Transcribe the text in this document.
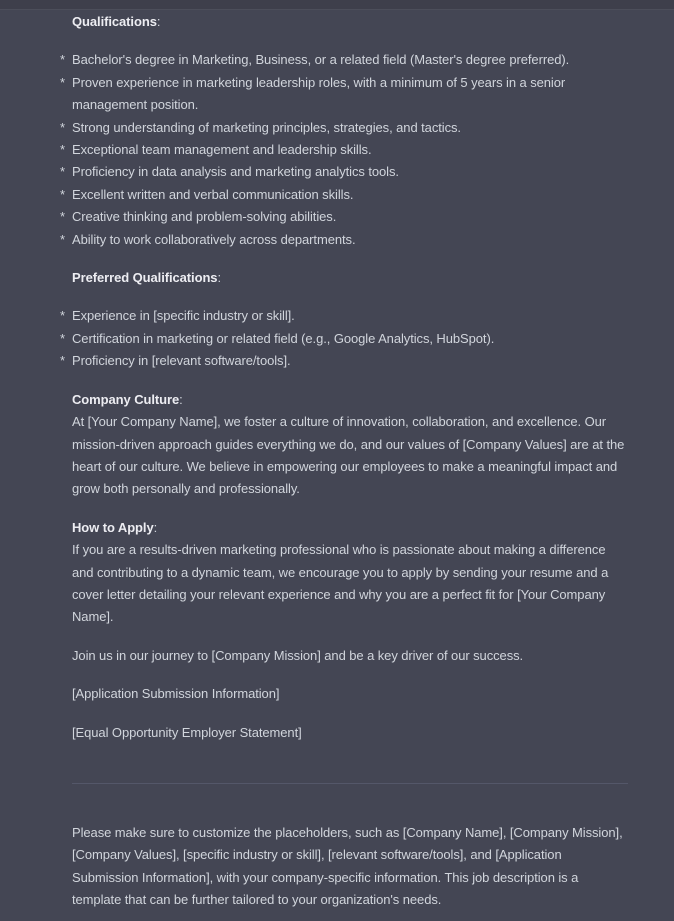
Qualifications:

* Bachelor's degree in Marketing, Business, or a related field (Master's degree preferred).
* Proven experience in marketing leadership roles, with a minimum of 5 years in a senior management position.
* Strong understanding of marketing principles, strategies, and tactics.
* Exceptional team management and leadership skills.
* Proficiency in data analysis and marketing analytics tools.
* Excellent written and verbal communication skills.
* Creative thinking and problem-solving abilities.
* Ability to work collaboratively across departments.

Preferred Qualifications:

* Experience in [specific industry or skill].
* Certification in marketing or related field (e.g., Google Analytics, HubSpot).
* Proficiency in [relevant software/tools].

Company Culture:
At [Your Company Name], we foster a culture of innovation, collaboration, and excellence. Our mission-driven approach guides everything we do, and our values of [Company Values] are at the heart of our culture. We believe in empowering our employees to make a meaningful impact and grow both personally and professionally.

How to Apply:
If you are a results-driven marketing professional who is passionate about making a difference and contributing to a dynamic team, we encourage you to apply by sending your resume and a cover letter detailing your relevant experience and why you are a perfect fit for [Your Company Name].

Join us in our journey to [Company Mission] and be a key driver of our success.

[Application Submission Information]

[Equal Opportunity Employer Statement]

Please make sure to customize the placeholders, such as [Company Name], [Company Mission], [Company Values], [specific industry or skill], [relevant software/tools], and [Application Submission Information], with your company-specific information. This job description is a template that can be further tailored to your organization's needs.
